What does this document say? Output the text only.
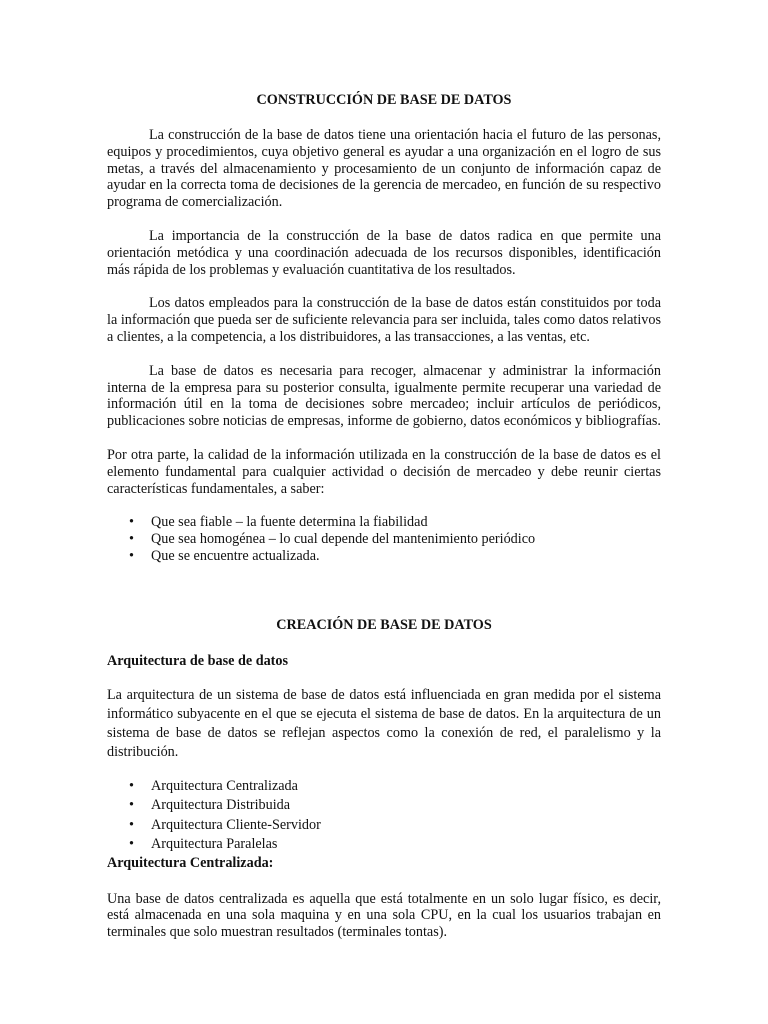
CONSTRUCCIÓN DE BASE DE DATOS

La construcción de la base de datos tiene una orientación hacia el futuro de las personas, equipos y procedimientos, cuya objetivo general es ayudar a una organización en el logro de sus metas, a través del almacenamiento y procesamiento de un conjunto de información capaz de ayudar en la correcta toma de decisiones de la gerencia de mercadeo, en función de su respectivo programa de comercialización.

La importancia de la construcción de la base de datos radica en que permite una orientación metódica y una coordinación adecuada de los recursos disponibles, identificación más rápida de los problemas y evaluación cuantitativa de los resultados.

Los datos empleados para la construcción de la base de datos están constituidos por toda la información que pueda ser de suficiente relevancia para ser incluida, tales como datos relativos a clientes, a la competencia, a los distribuidores, a las transacciones, a las ventas, etc.

La base de datos es necesaria para recoger, almacenar y administrar la información interna de la empresa para su posterior consulta, igualmente permite recuperar una variedad de información útil en la toma de decisiones sobre mercadeo; incluir artículos de periódicos, publicaciones sobre noticias de empresas, informe de gobierno, datos económicos y bibliografías.

Por otra parte, la calidad de la información utilizada en la construcción de la base de datos es el elemento fundamental para cualquier actividad o decisión de mercadeo y debe reunir ciertas características fundamentales, a saber:

• Que sea fiable – la fuente determina la fiabilidad
• Que sea homogénea – lo cual depende del mantenimiento periódico
• Que se encuentre actualizada.

CREACIÓN DE BASE DE DATOS

Arquitectura de base de datos

La arquitectura de un sistema de base de datos está influenciada en gran medida por el sistema informático subyacente en el que se ejecuta el sistema de base de datos. En la arquitectura de un sistema de base de datos se reflejan aspectos como la conexión de red, el paralelismo y la distribución.

• Arquitectura Centralizada
• Arquitectura Distribuida
• Arquitectura Cliente-Servidor
• Arquitectura Paralelas

Arquitectura Centralizada:

Una base de datos centralizada es aquella que está totalmente en un solo lugar físico, es decir, está almacenada en una sola maquina y en una sola CPU, en la cual los usuarios trabajan en terminales que solo muestran resultados (terminales tontas).
